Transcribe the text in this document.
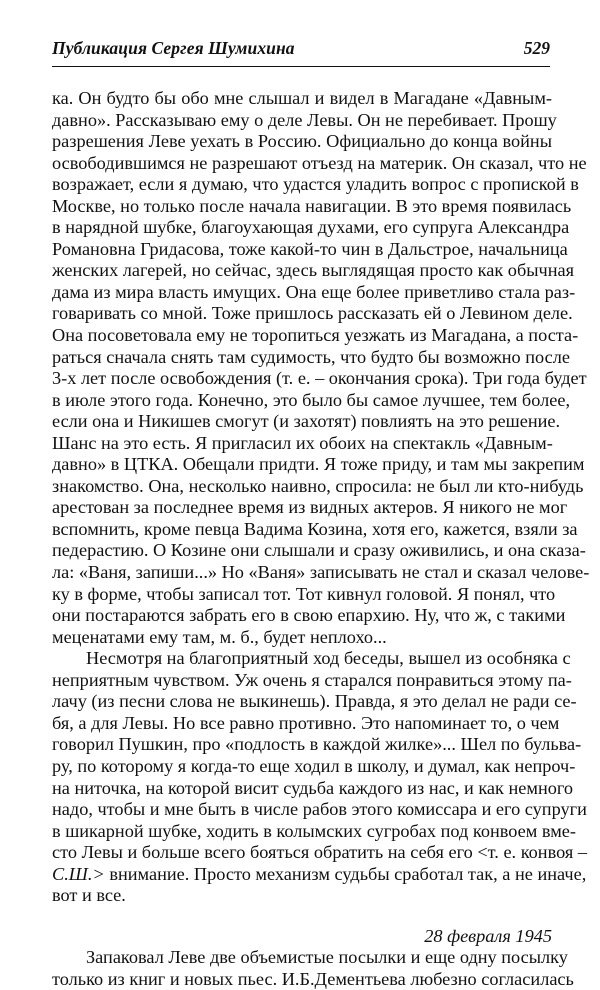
Публикация Сергея Шумихина	529

ка. Он будто бы обо мне слышал и видел в Магадане «Давным-
давно». Рассказываю ему о деле Левы. Он не перебивает. Прошу
разрешения Леве уехать в Россию. Официально до конца войны
освободившимся не разрешают отъезд на материк. Он сказал, что не
возражает, если я думаю, что удастся уладить вопрос с пропиской в
Москве, но только после начала навигации. В это время появилась
в нарядной шубке, благоухающая духами, его супруга Александра
Романовна Гридасова, тоже какой-то чин в Дальстрое, начальница
женских лагерей, но сейчас, здесь выглядящая просто как обычная
дама из мира власть имущих. Она еще более приветливо стала раз-
говаривать со мной. Тоже пришлось рассказать ей о Левином деле.
Она посоветовала ему не торопиться уезжать из Магадана, а поста-
раться сначала снять там судимость, что будто бы возможно после
3-х лет после освобождения (т. е. – окончания срока). Три года будет
в июле этого года. Конечно, это было бы самое лучшее, тем более,
если она и Никишев смогут (и захотят) повлиять на это решение.
Шанс на это есть. Я пригласил их обоих на спектакль «Давным-
давно» в ЦТКА. Обещали придти. Я тоже приду, и там мы закрепим
знакомство. Она, несколько наивно, спросила: не был ли кто-нибудь
арестован за последнее время из видных актеров. Я никого не мог
вспомнить, кроме певца Вадима Козина, хотя его, кажется, взяли за
педерастию. О Козине они слышали и сразу оживились, и она сказа-
ла: «Ваня, запиши...» Но «Ваня» записывать не стал и сказал челове-
ку в форме, чтобы записал тот. Тот кивнул головой. Я понял, что
они постараются забрать его в свою епархию. Ну, что ж, с такими
меценатами ему там, м. б., будет неплохо...

Несмотря на благоприятный ход беседы, вышел из особняка с
неприятным чувством. Уж очень я старался понравиться этому па-
лачу (из песни слова не выкинешь). Правда, я это делал не ради се-
бя, а для Левы. Но все равно противно. Это напоминает то, о чем
говорил Пушкин, про «подлость в каждой жилке»... Шел по бульва-
ру, по которому я когда-то еще ходил в школу, и думал, как непроч-
на ниточка, на которой висит судьба каждого из нас, и как немного
надо, чтобы и мне быть в числе рабов этого комиссара и его супруги
в шикарной шубке, ходить в колымских сугробах под конвоем вме-
сто Левы и больше всего бояться обратить на себя его <т. е. конвоя –
С.Ш.> внимание. Просто механизм судьбы сработал так, а не иначе,
вот и все.

28 февраля 1945

Запаковал Леве две объемистые посылки и еще одну посылку
только из книг и новых пьес. И.Б.Дементьева любезно согласилась
